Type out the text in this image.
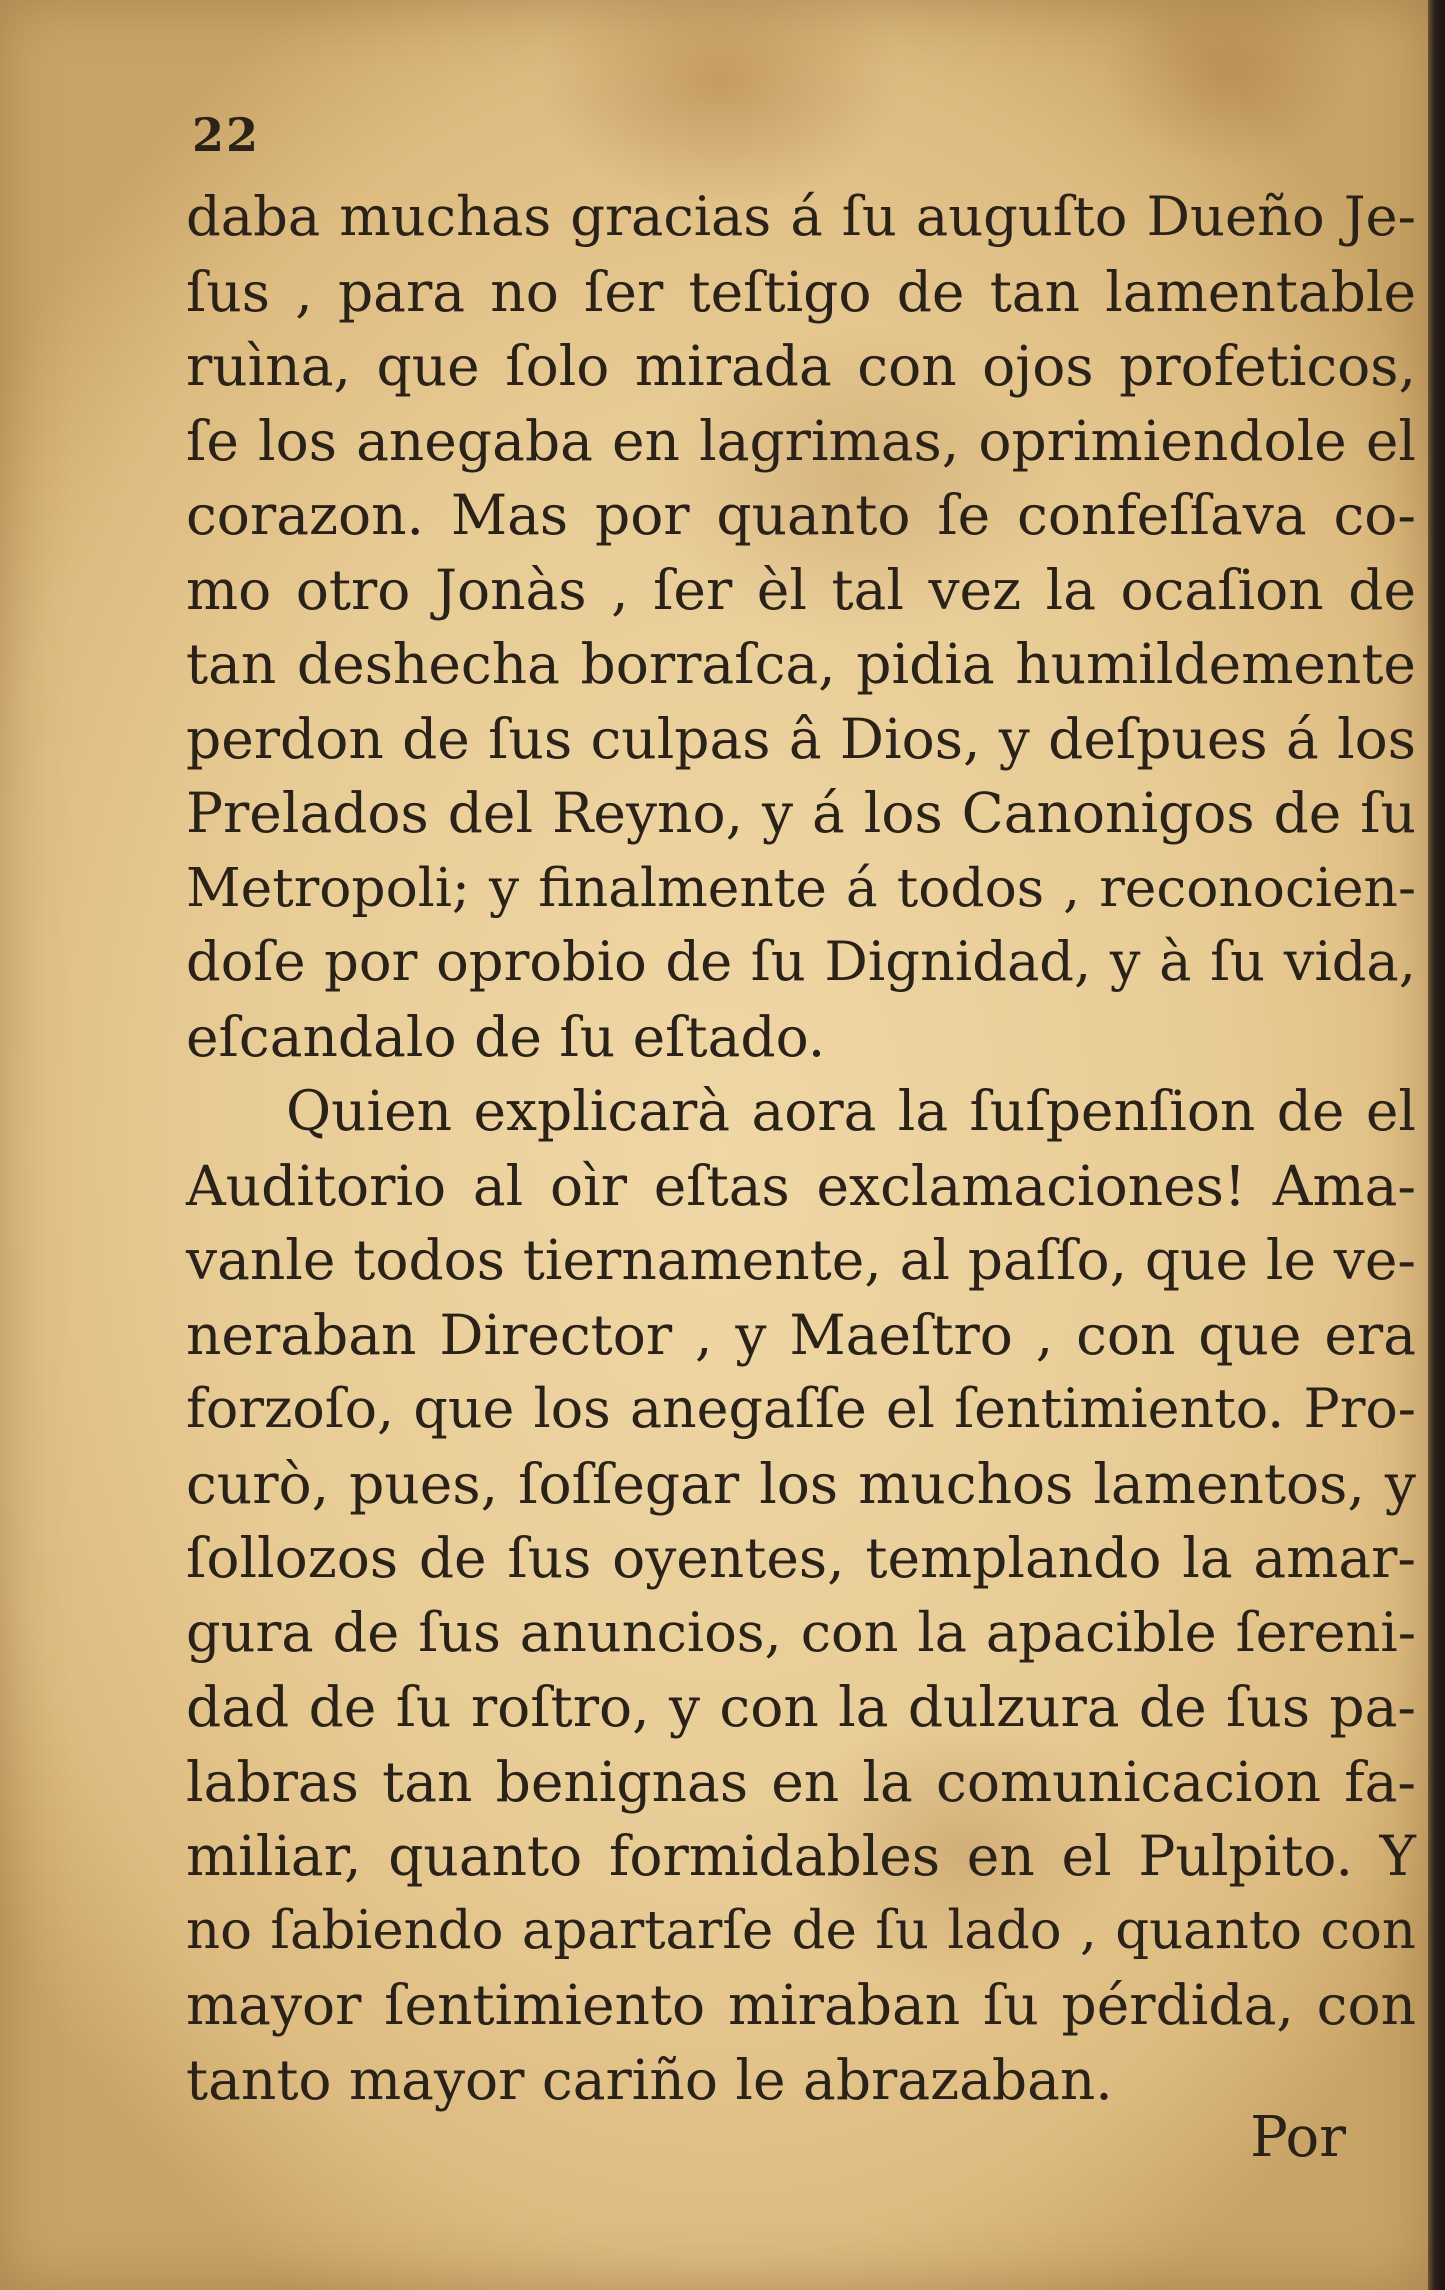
22
daba muchas gracias á ſu auguſto Dueño Je-
ſus , para no ſer teſtigo de tan lamentable
ruìna, que ſolo mirada con ojos profeticos,
ſe los anegaba en lagrimas, oprimiendole el
corazon. Mas por quanto ſe confeſſava co-
mo otro Jonàs , ſer èl tal vez la ocaſion de
tan deshecha borraſca, pidia humildemente
perdon de ſus culpas â Dios, y deſpues á los
Prelados del Reyno, y á los Canonigos de ſu
Metropoli; y finalmente á todos , reconocien-
doſe por oprobio de ſu Dignidad, y à ſu vida,
eſcandalo de ſu eſtado.
Quien explicarà aora la ſuſpenſion de el
Auditorio al oìr eſtas exclamaciones! Ama-
vanle todos tiernamente, al paſſo, que le ve-
neraban Director , y Maeſtro , con que era
forzoſo, que los anegaſſe el ſentimiento. Pro-
curò, pues, ſoſſegar los muchos lamentos, y
ſollozos de ſus oyentes, templando la amar-
gura de ſus anuncios, con la apacible ſereni-
dad de ſu roſtro, y con la dulzura de ſus pa-
labras tan benignas en la comunicacion fa-
miliar, quanto formidables en el Pulpito. Y
no ſabiendo apartarſe de ſu lado , quanto con
mayor ſentimiento miraban ſu pérdida, con
tanto mayor cariño le abrazaban.
Por
